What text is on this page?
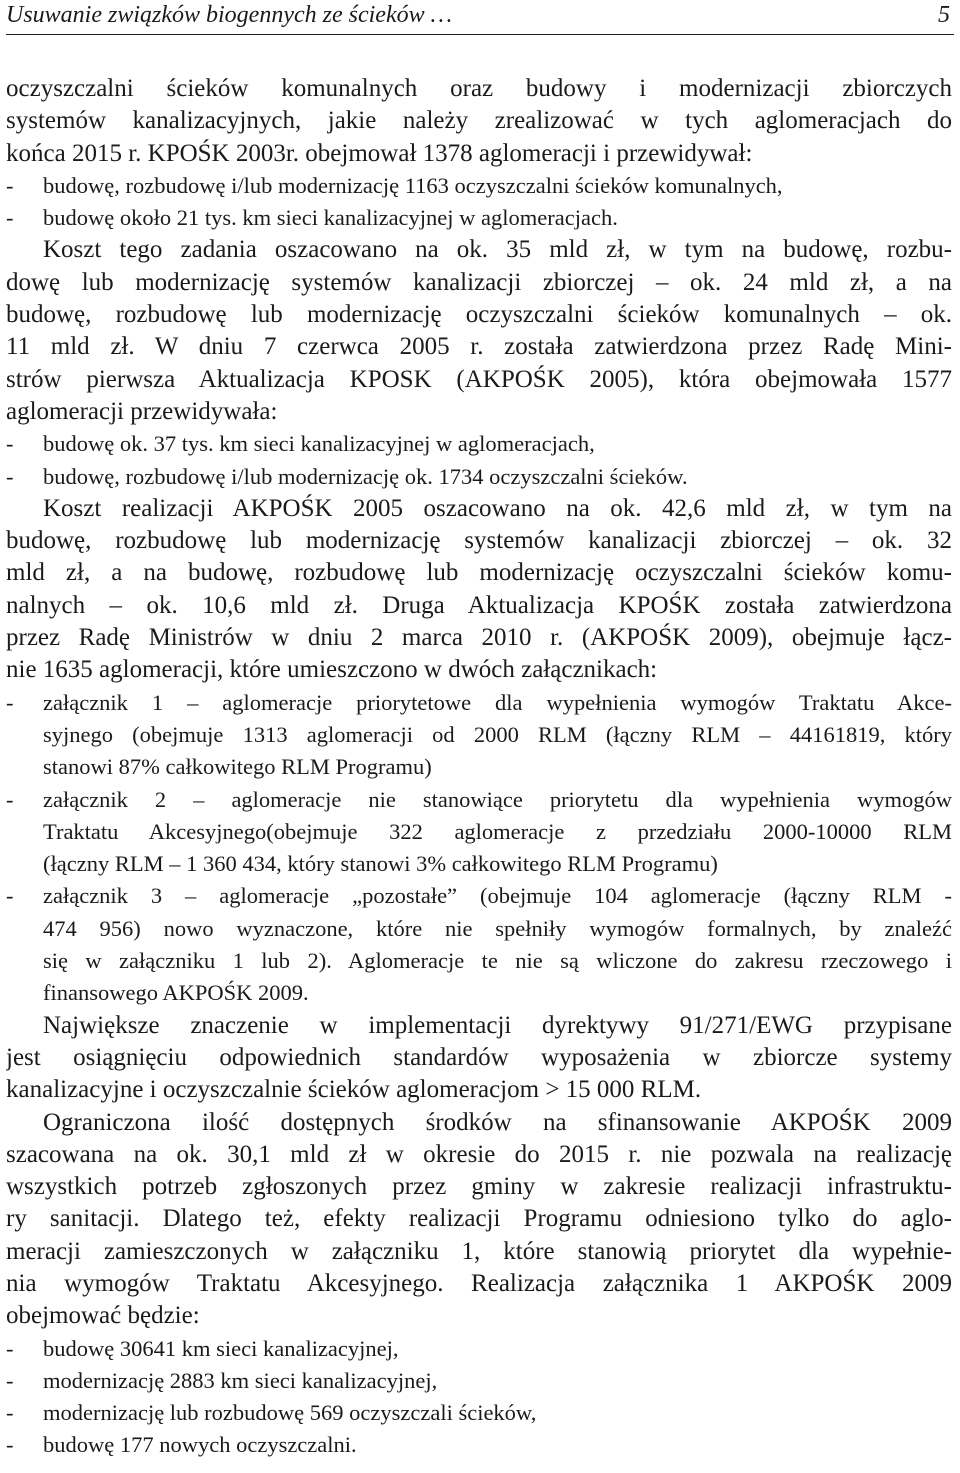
Usuwanie związków biogennych ze ścieków …	5
oczyszczalni ścieków komunalnych oraz budowy i modernizacji zbiorczych
systemów kanalizacyjnych, jakie należy zrealizować w tych aglomeracjach do
końca 2015 r. KPOŚK 2003r. obejmował 1378 aglomeracji i przewidywał:
- budowę, rozbudowę i/lub modernizację 1163 oczyszczalni ścieków komunalnych,
- budowę około 21 tys. km sieci kanalizacyjnej w aglomeracjach.
Koszt tego zadania oszacowano na ok. 35 mld zł, w tym na budowę, rozbu-
dowę lub modernizację systemów kanalizacji zbiorczej – ok. 24 mld zł, a na
budowę, rozbudowę lub modernizację oczyszczalni ścieków komunalnych – ok.
11 mld zł. W dniu 7 czerwca 2005 r. została zatwierdzona przez Radę Mini-
strów pierwsza Aktualizacja KPOSK (AKPOŚK 2005), która obejmowała 1577
aglomeracji przewidywała:
- budowę ok. 37 tys. km sieci kanalizacyjnej w aglomeracjach,
- budowę, rozbudowę i/lub modernizację ok. 1734 oczyszczalni ścieków.
Koszt realizacji AKPOŚK 2005 oszacowano na ok. 42,6 mld zł, w tym na
budowę, rozbudowę lub modernizację systemów kanalizacji zbiorczej – ok. 32
mld zł, a na budowę, rozbudowę lub modernizację oczyszczalni ścieków komu-
nalnych – ok. 10,6 mld zł. Druga Aktualizacja KPOŚK została zatwierdzona
przez Radę Ministrów w dniu 2 marca 2010 r. (AKPOŚK 2009), obejmuje łącz-
nie 1635 aglomeracji, które umieszczono w dwóch załącznikach:
- załącznik 1 – aglomeracje priorytetowe dla wypełnienia wymogów Traktatu Akce-
syjnego (obejmuje 1313 aglomeracji od 2000 RLM (łączny RLM – 44161819, który
stanowi 87% całkowitego RLM Programu)
- załącznik 2 – aglomeracje nie stanowiące priorytetu dla wypełnienia wymogów
Traktatu Akcesyjnego(obejmuje 322 aglomeracje z przedziału 2000-10000 RLM
(łączny RLM – 1 360 434, który stanowi 3% całkowitego RLM Programu)
- załącznik 3 – aglomeracje „pozostałe” (obejmuje 104 aglomeracje (łączny RLM -
474 956) nowo wyznaczone, które nie spełniły wymogów formalnych, by znaleźć
się w załączniku 1 lub 2). Aglomeracje te nie są wliczone do zakresu rzeczowego i
finansowego AKPOŚK 2009.
Największe znaczenie w implementacji dyrektywy 91/271/EWG przypisane
jest osiągnięciu odpowiednich standardów wyposażenia w zbiorcze systemy
kanalizacyjne i oczyszczalnie ścieków aglomeracjom > 15 000 RLM.
Ograniczona ilość dostępnych środków na sfinansowanie AKPOŚK 2009
szacowana na ok. 30,1 mld zł w okresie do 2015 r. nie pozwala na realizację
wszystkich potrzeb zgłoszonych przez gminy w zakresie realizacji infrastruktu-
ry sanitacji. Dlatego też, efekty realizacji Programu odniesiono tylko do aglo-
meracji zamieszczonych w załączniku 1, które stanowią priorytet dla wypełnie-
nia wymogów Traktatu Akcesyjnego. Realizacja załącznika 1 AKPOŚK 2009
obejmować będzie:
- budowę 30641 km sieci kanalizacyjnej,
- modernizację 2883 km sieci kanalizacyjnej,
- modernizację lub rozbudowę 569 oczyszczali ścieków,
- budowę 177 nowych oczyszczalni.
